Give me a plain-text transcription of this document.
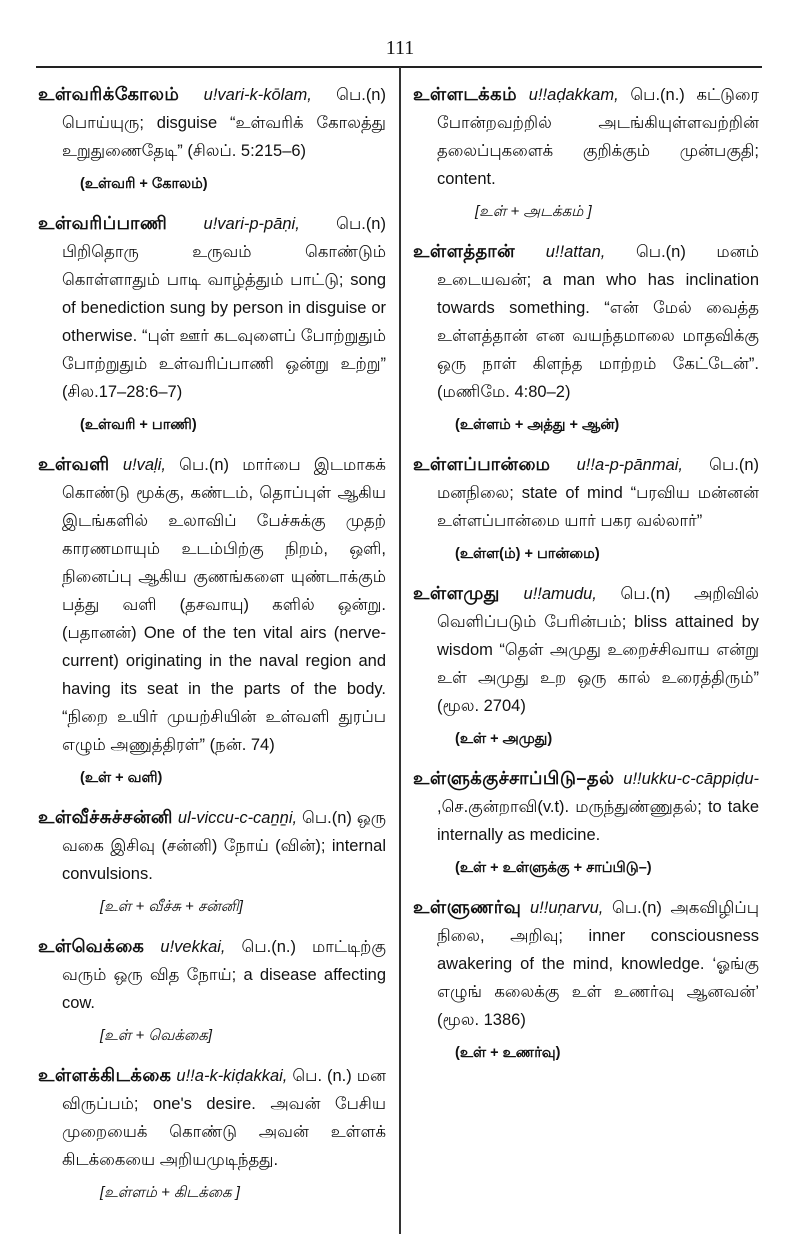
111
உள்வரிக்கோலம் u!vari-k-kōlam, பெ.(n) பொய்யுரு; disguise “உள்வரிக் கோலத்து உறுதுணைதேடி” (சிலப். 5:215–6)
(உள்வரி + கோலம்)
உள்வரிப்பாணி u!vari-p-pāṇi, பெ.(n) பிறிதொரு உருவம் கொண்டும் கொள்ளாதும் பாடி வாழ்த்தும் பாட்டு; song of benediction sung by person in disguise or otherwise. “புள் ஊர் கடவுளைப் போற்றுதும் போற்றுதும் உள்வரிப்பாணி ஒன்று உற்று” (சில.17–28:6–7)
(உள்வரி + பாணி)
உள்வளி u!vaḷi, பெ.(n) மார்பை இடமாகக் கொண்டு மூக்கு, கண்டம், தொப்புள் ஆகிய இடங்களில் உலாவிப் பேச்சுக்கு முதற் காரணமாயும் உடம்பிற்கு நிறம், ஒளி, நினைப்பு ஆகிய குணங்களை யுண்டாக்கும் பத்து வளி (தசவாயு) களில் ஒன்று. (பதானன்) One of the ten vital airs (nerve-current) originating in the naval region and having its seat in the parts of the body. “நிறை உயிர் முயற்சியின் உள்வளி துரப்ப எழும் அணுத்திரள்” (நன். 74)
(உள் + வளி)
உள்வீச்சுச்சன்னி ul-viccu-c-caṉṉi, பெ.(n) ஒரு வகை இசிவு (சன்னி) நோய் (வின்); internal convulsions.
[உள் + வீச்சு + சன்னி]
உள்வெக்கை u!vekkai, பெ.(n.) மாட்டிற்கு வரும் ஒரு வித நோய்; a disease affecting cow.
[உள் + வெக்கை]
உள்ளக்கிடக்கை u!!a-k-kiḍakkai, பெ. (n.) மன விருப்பம்; one's desire. அவன் பேசிய முறையைக் கொண்டு அவன் உள்ளக் கிடக்கையை அறியமுடிந்தது.
[உள்ளம் + கிடக்கை ]
உள்ளடக்கம் u!!aḍakkam, பெ.(n.) கட்டுரை போன்றவற்றில் அடங்கியுள்ளவற்றின் தலைப்புகளைக் குறிக்கும் முன்பகுதி; content.
[உள் + அடக்கம் ]
உள்ளத்தான் u!!attan, பெ.(n) மனம் உடையவன்; a man who has inclination towards something. “என் மேல் வைத்த உள்ளத்தான் என வயந்தமாலை மாதவிக்கு ஒரு நாள் கிளந்த மாற்றம் கேட்டேன்”. (மணிமே. 4:80–2)
(உள்ளம் + அத்து + ஆன்)
உள்ளப்பான்மை u!!a-p-pānmai, பெ.(n) மனநிலை; state of mind “பரவிய மன்னன் உள்ளப்பான்மை யார் பகர வல்லார்”
(உள்ள(ம்) + பான்மை)
உள்ளமுது u!!amudu, பெ.(n) அறிவில் வெளிப்படும் பேரின்பம்; bliss attained by wisdom “தெள் அமுது உறைச்சிவாய என்று உள் அமுது உற ஒரு கால் உரைத்திரும்” (மூல. 2704)
(உள் + அமுது)
உள்ளுக்குச்சாப்பிடு–தல் u!!ukku-c-cāppiḍu- ,செ.குன்றாவி(v.t). மருந்துண்ணுதல்; to take internally as medicine.
(உள் + உள்ளுக்கு + சாப்பிடு–)
உள்ளுணர்வு u!!uṇarvu, பெ.(n) அகவிழிப்பு நிலை, அறிவு; inner consciousness awakering of the mind, knowledge. ‘ஓங்கு எழுங் கலைக்கு உள் உணர்வு ஆனவன்’ (மூல. 1386)
(உள் + உணர்வு)
